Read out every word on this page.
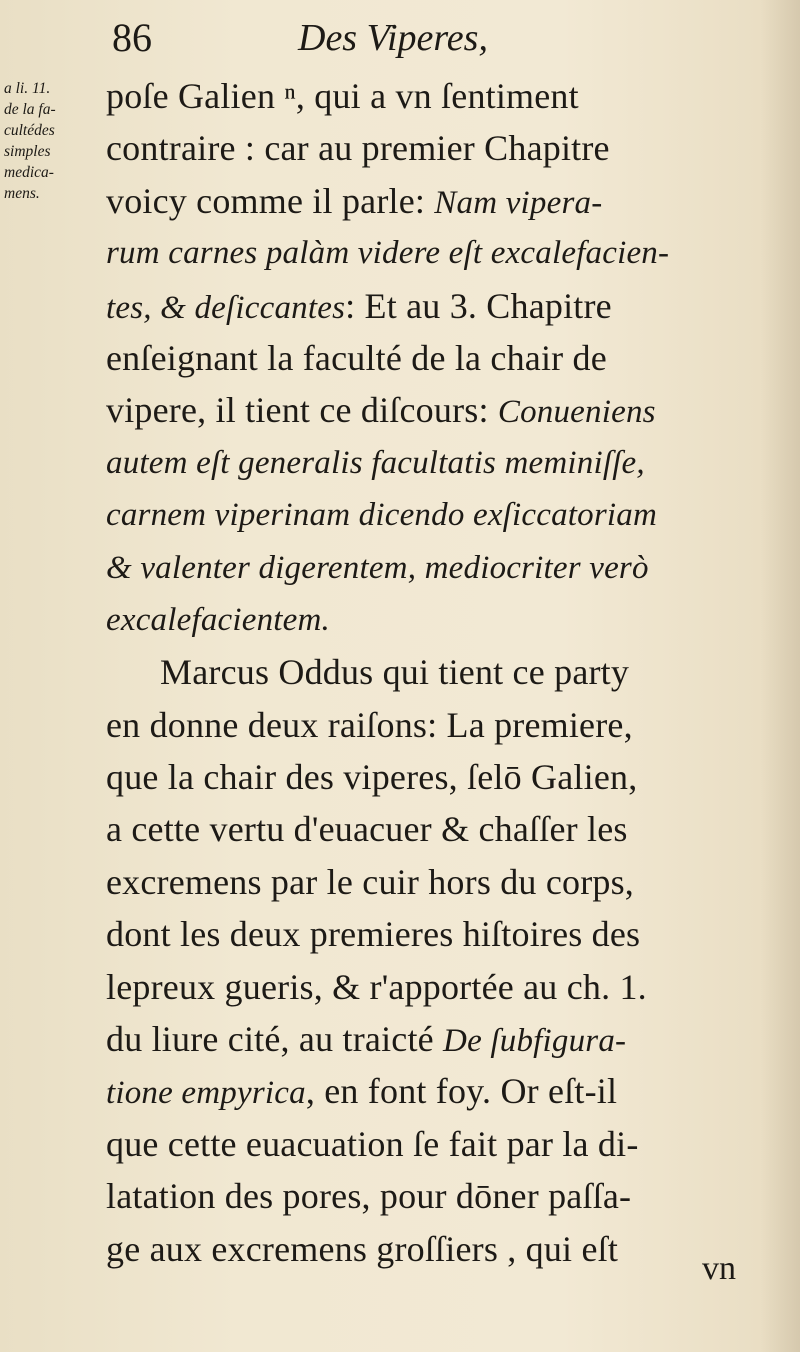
86	Des Viperes,
a li. 11.
de la fa-
cultédes
simples
medica-
mens.
poſe Galien ⁿ, qui a vn ſentiment
contraire : car au premier Chapitre
voicy comme il parle: Nam vipera-
rum carnes palàm videre eſt excalefacien-
tes, & deſiccantes: Et au 3. Chapitre
enſeignant la faculté de la chair de
vipere, il tient ce diſcours: Conueniens
autem eſt generalis facultatis meminiſſe,
carnem viperinam dicendo exſiccatoriam
& valenter digerentem, mediocriter verò
excalefacientem.
Marcus Oddus qui tient ce party
en donne deux raiſons: La premiere,
que la chair des viperes, ſelō Galien,
a cette vertu d'euacuer & chaſſer les
excremens par le cuir hors du corps,
dont les deux premieres hiſtoires des
lepreux gueris, & r'apportée au ch. 1.
du liure cité, au traicté De ſubfigura-
tione empyrica, en font foy. Or eſt-il
que cette euacuation ſe fait par la di-
latation des pores, pour dōner paſſa-
ge aux excremens groſſiers , qui eſt	vn
